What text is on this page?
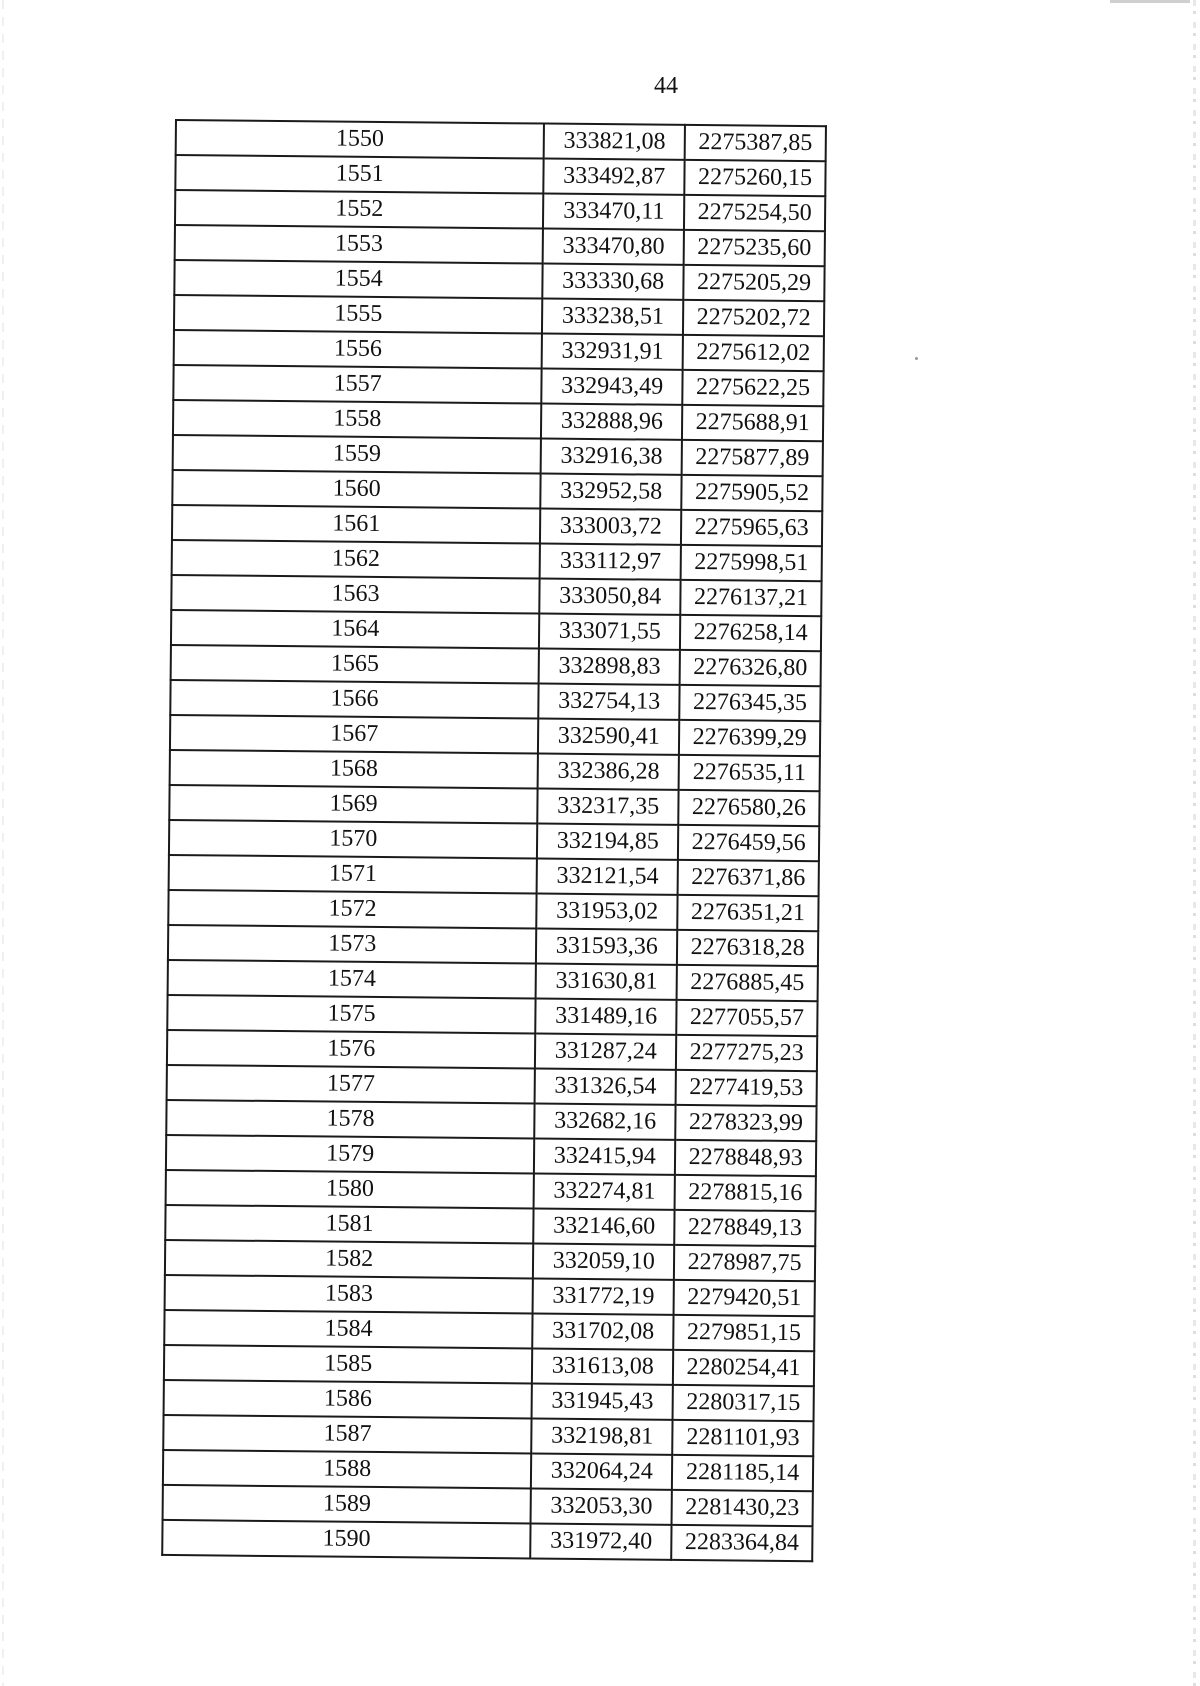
44
1550	333821,08	2275387,85
1551	333492,87	2275260,15
1552	333470,11	2275254,50
1553	333470,80	2275235,60
1554	333330,68	2275205,29
1555	333238,51	2275202,72
1556	332931,91	2275612,02
1557	332943,49	2275622,25
1558	332888,96	2275688,91
1559	332916,38	2275877,89
1560	332952,58	2275905,52
1561	333003,72	2275965,63
1562	333112,97	2275998,51
1563	333050,84	2276137,21
1564	333071,55	2276258,14
1565	332898,83	2276326,80
1566	332754,13	2276345,35
1567	332590,41	2276399,29
1568	332386,28	2276535,11
1569	332317,35	2276580,26
1570	332194,85	2276459,56
1571	332121,54	2276371,86
1572	331953,02	2276351,21
1573	331593,36	2276318,28
1574	331630,81	2276885,45
1575	331489,16	2277055,57
1576	331287,24	2277275,23
1577	331326,54	2277419,53
1578	332682,16	2278323,99
1579	332415,94	2278848,93
1580	332274,81	2278815,16
1581	332146,60	2278849,13
1582	332059,10	2278987,75
1583	331772,19	2279420,51
1584	331702,08	2279851,15
1585	331613,08	2280254,41
1586	331945,43	2280317,15
1587	332198,81	2281101,93
1588	332064,24	2281185,14
1589	332053,30	2281430,23
1590	331972,40	2283364,84
